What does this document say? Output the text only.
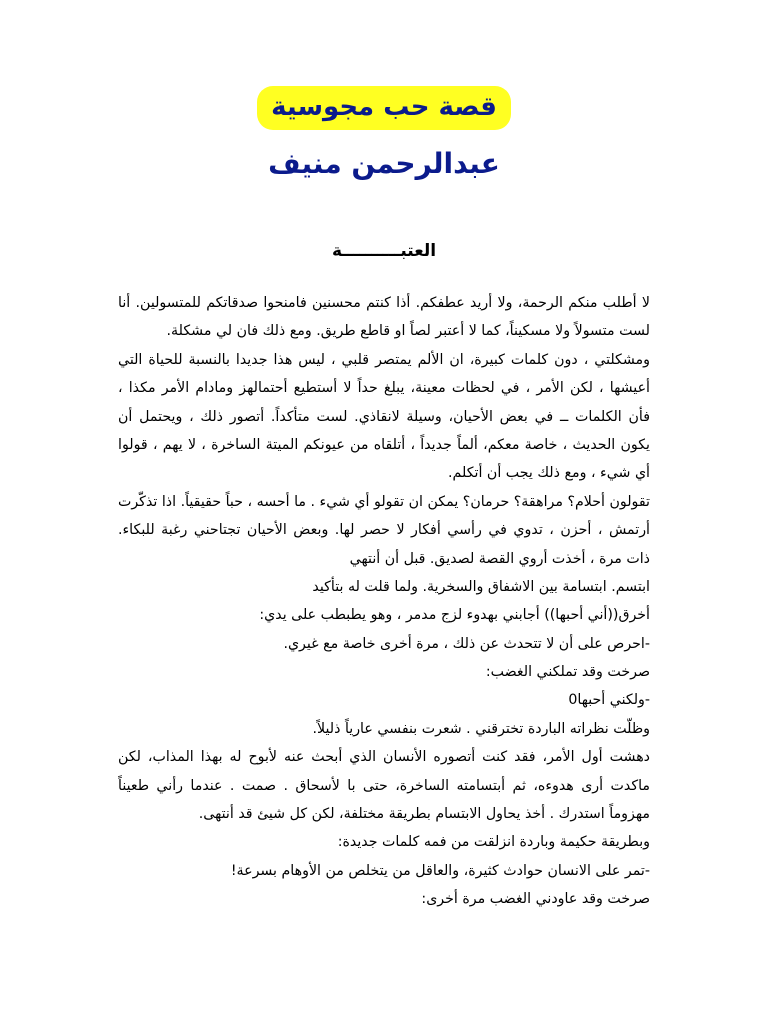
قصة حب مجوسية
عبدالرحمن منيف
العتبــــــــــة
لا أطلب منكم الرحمة، ولا أريد عطفكم. أذا كنتم محسنين فامنحوا صدقاتكم للمتسولين. أنا
لست متسولاً ولا مسكيناً، كما لا أعتبر لصاً او قاطع طريق. ومع ذلك فان لي مشكلة.
ومشكلتي ، دون كلمات كبيرة، ان الألم يمتصر قلبي ، ليس هذا جديدا بالنسبة للحياة التي
أعيشها ، لكن الأمر ، في لحظات معينة، يبلغ حداً لا أستطيع أحتمالهز ومادام الأمر مكذا ،
فأن الكلمات ــ في بعض الأحيان، وسيلة لانقاذي. لست متأكداً. أتصور ذلك ، ويحتمل أن
يكون الحديث ، خاصة معكم، ألماً جديداً ، أتلقاه من عيونكم الميتة الساخرة ، لا يهم ، قولوا
أي شيء ، ومع ذلك يجب أن أتكلم.
تقولون أحلام؟ مراهقة؟ حرمان؟ يمكن ان تقولو أي شيء . ما أحسه ، حباً حقيقياً. اذا تذكّرت
أرتمش ، أحزن ، تدوي في رأسي أفكار لا حصر لها. وبعض الأحيان تجتاحني رغبة للبكاء.
ذات مرة ، أخذت أروي القصة لصديق. قبل أن أنتهي
ابتسم. ابتسامة بين الاشفاق والسخرية. ولما قلت له بتأكيد
أخرق((أني أحبها)) أجابني بهدوء لزج مدمر ، وهو يطبطب على يدي:
-احرص على أن لا تتحدث عن ذلك ، مرة أخرى خاصة مع غيري.
صرخت وقد تملكني الغضب:
-ولكني أحبها0
وظلّت نظراته الباردة تخترقني . شعرت بنفسي عارياً ذليلاً.
دهشت أول الأمر، فقد كنت أتصوره الأنسان الذي أبحث عنه لأبوح له بهذا المذاب، لكن
ماكدت أرى هدوءه، ثم أبتسامته الساخرة، حتى با لأسحاق . صمت . عندما رأني طعيناً
مهزوماً استدرك . أخذ يحاول الابتسام بطريقة مختلفة، لكن كل شيئ قد أنتهى.
وبطريقة حكيمة وباردة انزلقت من فمه كلمات جديدة:
-تمر على الانسان حوادث كثيرة، والعاقل من يتخلص من الأوهام بسرعة!
صرخت وقد عاودني الغضب مرة أخرى:
